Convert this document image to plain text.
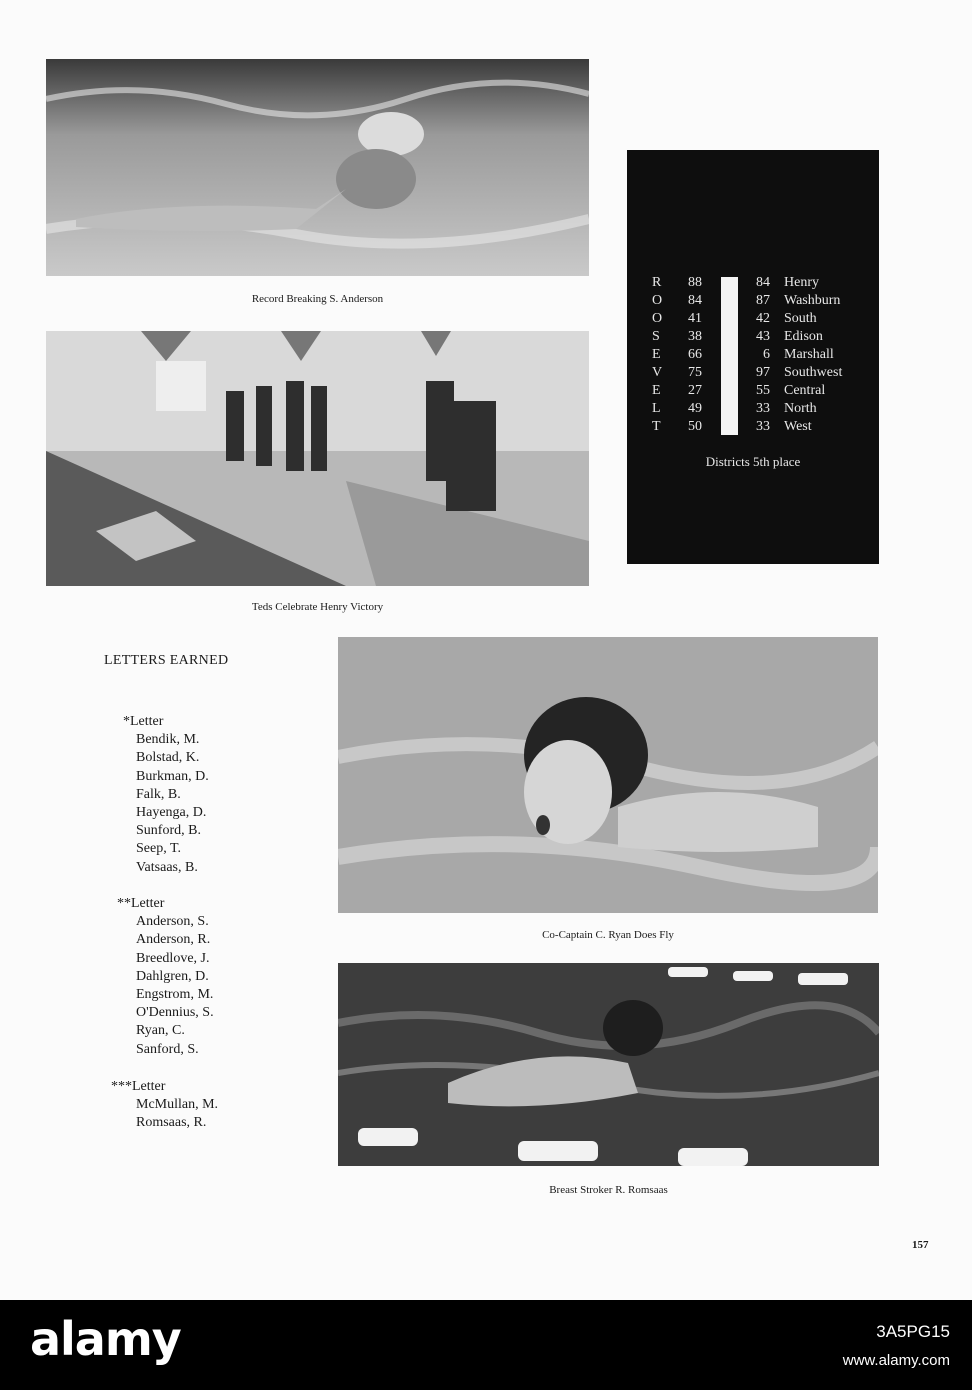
Record Breaking S. Anderson
Teds Celebrate Henry Victory
R
O
O
S
E
V
E
L
T
88
84
41
38
66
75
27
49
50
84
87
42
43
6
97
55
33
33
Henry
Washburn
South
Edison
Marshall
Southwest
Central
North
West
Districts 5th place
LETTERS EARNED
*Letter
Bendik, M.
Bolstad, K.
Burkman, D.
Falk, B.
Hayenga, D.
Sunford, B.
Seep, T.
Vatsaas, B.
**Letter
Anderson, S.
Anderson, R.
Breedlove, J.
Dahlgren, D.
Engstrom, M.
O'Dennius, S.
Ryan, C.
Sanford, S.
***Letter
McMullan, M.
Romsaas, R.
Co-Captain C. Ryan Does Fly
Breast Stroker R. Romsaas
157
alamy	3A5PG15
www.alamy.com
